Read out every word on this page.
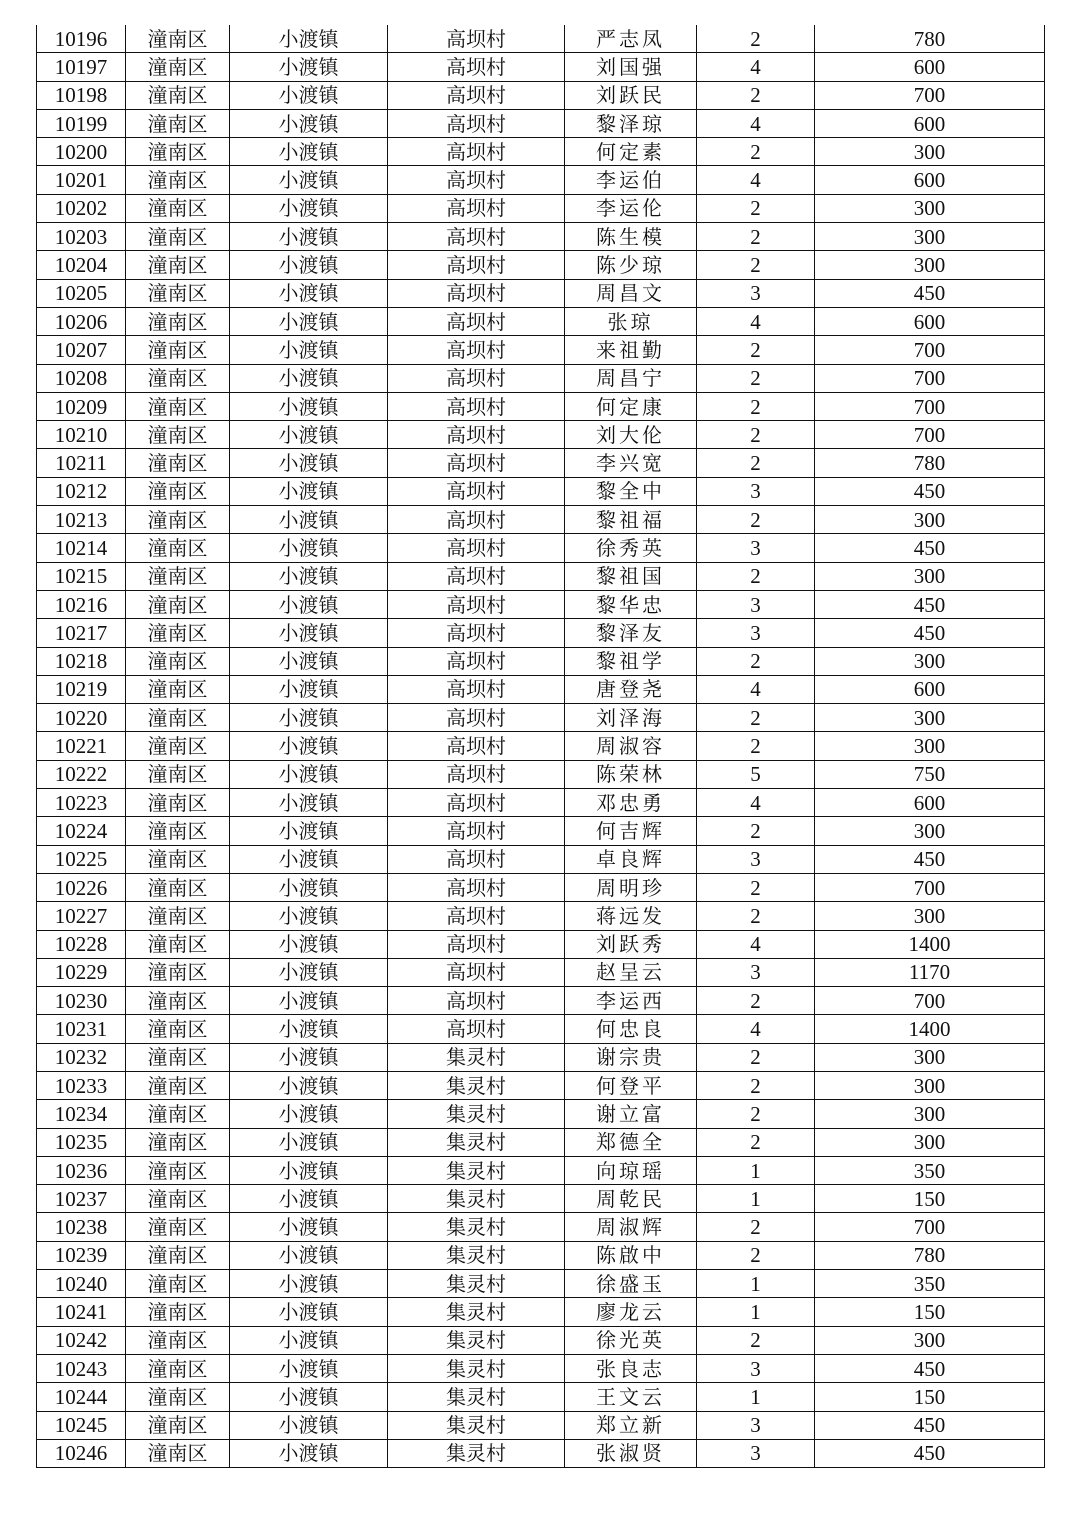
10196	潼南区	小渡镇	高坝村	严志凤	2	780
10197	潼南区	小渡镇	高坝村	刘国强	4	600
10198	潼南区	小渡镇	高坝村	刘跃民	2	700
10199	潼南区	小渡镇	高坝村	黎泽琼	4	600
10200	潼南区	小渡镇	高坝村	何定素	2	300
10201	潼南区	小渡镇	高坝村	李运伯	4	600
10202	潼南区	小渡镇	高坝村	李运伦	2	300
10203	潼南区	小渡镇	高坝村	陈生模	2	300
10204	潼南区	小渡镇	高坝村	陈少琼	2	300
10205	潼南区	小渡镇	高坝村	周昌文	3	450
10206	潼南区	小渡镇	高坝村	张琼	4	600
10207	潼南区	小渡镇	高坝村	来祖勤	2	700
10208	潼南区	小渡镇	高坝村	周昌宁	2	700
10209	潼南区	小渡镇	高坝村	何定康	2	700
10210	潼南区	小渡镇	高坝村	刘大伦	2	700
10211	潼南区	小渡镇	高坝村	李兴宽	2	780
10212	潼南区	小渡镇	高坝村	黎全中	3	450
10213	潼南区	小渡镇	高坝村	黎祖福	2	300
10214	潼南区	小渡镇	高坝村	徐秀英	3	450
10215	潼南区	小渡镇	高坝村	黎祖国	2	300
10216	潼南区	小渡镇	高坝村	黎华忠	3	450
10217	潼南区	小渡镇	高坝村	黎泽友	3	450
10218	潼南区	小渡镇	高坝村	黎祖学	2	300
10219	潼南区	小渡镇	高坝村	唐登尧	4	600
10220	潼南区	小渡镇	高坝村	刘泽海	2	300
10221	潼南区	小渡镇	高坝村	周淑容	2	300
10222	潼南区	小渡镇	高坝村	陈荣林	5	750
10223	潼南区	小渡镇	高坝村	邓忠勇	4	600
10224	潼南区	小渡镇	高坝村	何吉辉	2	300
10225	潼南区	小渡镇	高坝村	卓良辉	3	450
10226	潼南区	小渡镇	高坝村	周明珍	2	700
10227	潼南区	小渡镇	高坝村	蒋远发	2	300
10228	潼南区	小渡镇	高坝村	刘跃秀	4	1400
10229	潼南区	小渡镇	高坝村	赵呈云	3	1170
10230	潼南区	小渡镇	高坝村	李运西	2	700
10231	潼南区	小渡镇	高坝村	何忠良	4	1400
10232	潼南区	小渡镇	集灵村	谢宗贵	2	300
10233	潼南区	小渡镇	集灵村	何登平	2	300
10234	潼南区	小渡镇	集灵村	谢立富	2	300
10235	潼南区	小渡镇	集灵村	郑德全	2	300
10236	潼南区	小渡镇	集灵村	向琼瑶	1	350
10237	潼南区	小渡镇	集灵村	周乾民	1	150
10238	潼南区	小渡镇	集灵村	周淑辉	2	700
10239	潼南区	小渡镇	集灵村	陈啟中	2	780
10240	潼南区	小渡镇	集灵村	徐盛玉	1	350
10241	潼南区	小渡镇	集灵村	廖龙云	1	150
10242	潼南区	小渡镇	集灵村	徐光英	2	300
10243	潼南区	小渡镇	集灵村	张良志	3	450
10244	潼南区	小渡镇	集灵村	王文云	1	150
10245	潼南区	小渡镇	集灵村	郑立新	3	450
10246	潼南区	小渡镇	集灵村	张淑贤	3	450
